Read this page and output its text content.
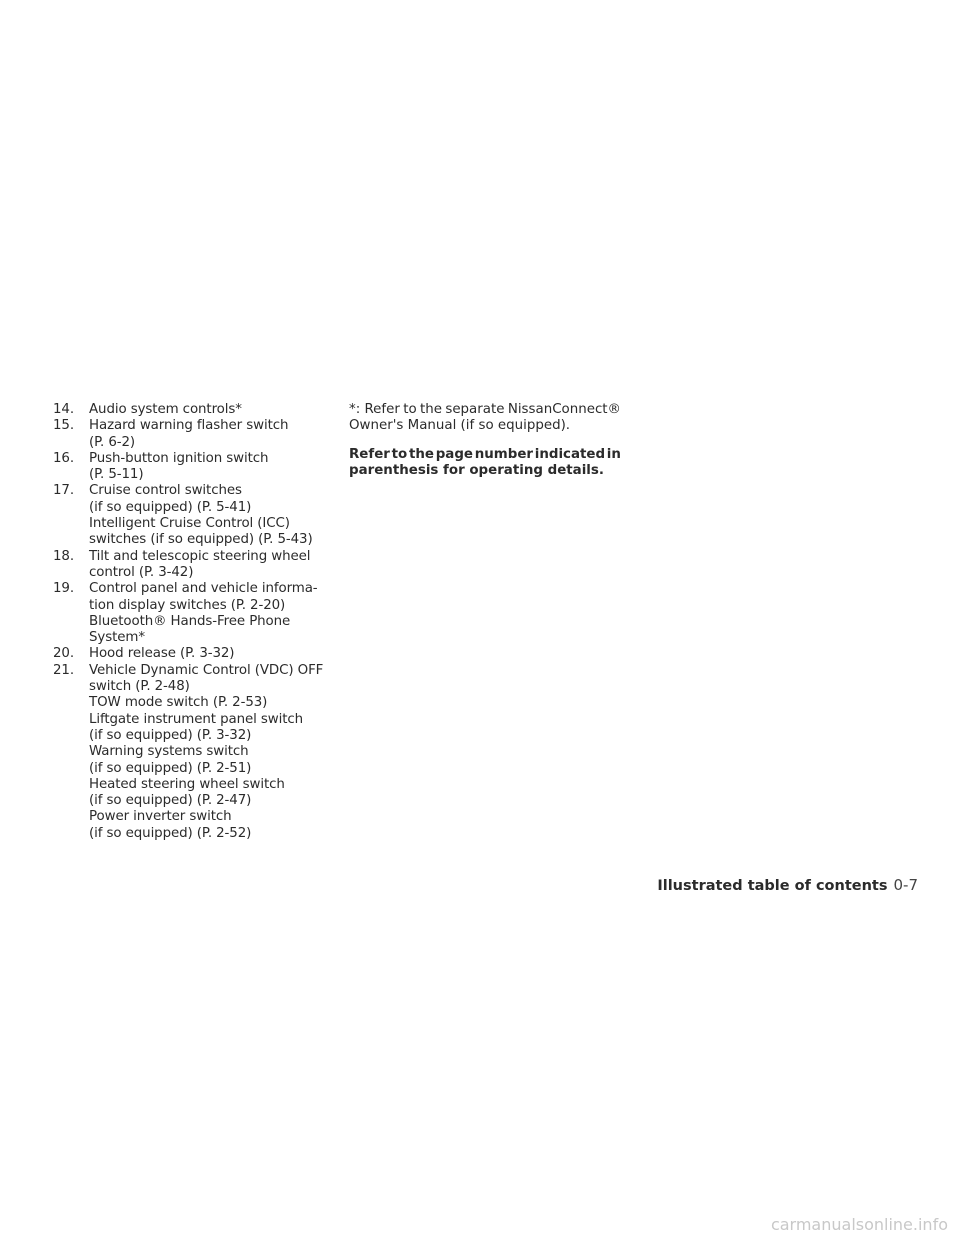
14.	Audio system controls*
15.	Hazard warning flasher switch
(P. 6-2)
16.	Push-button ignition switch
(P. 5-11)
17.	Cruise control switches
(if so equipped) (P. 5-41)
Intelligent Cruise Control (ICC)
switches (if so equipped) (P. 5-43)
18.	Tilt and telescopic steering wheel
control (P. 3-42)
19.	Control panel and vehicle informa-
tion display switches (P. 2-20)
Bluetooth® Hands-Free Phone
System*
20.	Hood release (P. 3-32)
21.	Vehicle Dynamic Control (VDC) OFF
switch (P. 2-48)
TOW mode switch (P. 2-53)
Liftgate instrument panel switch
(if so equipped) (P. 3-32)
Warning systems switch
(if so equipped) (P. 2-51)
Heated steering wheel switch
(if so equipped) (P. 2-47)
Power inverter switch
(if so equipped) (P. 2-52)
*: Refer to the separate NissanConnect®
Owner's Manual (if so equipped).
Refer to the page number indicated in
parenthesis for operating details.
Illustrated table of contents 0-7
carmanualsonline.info
